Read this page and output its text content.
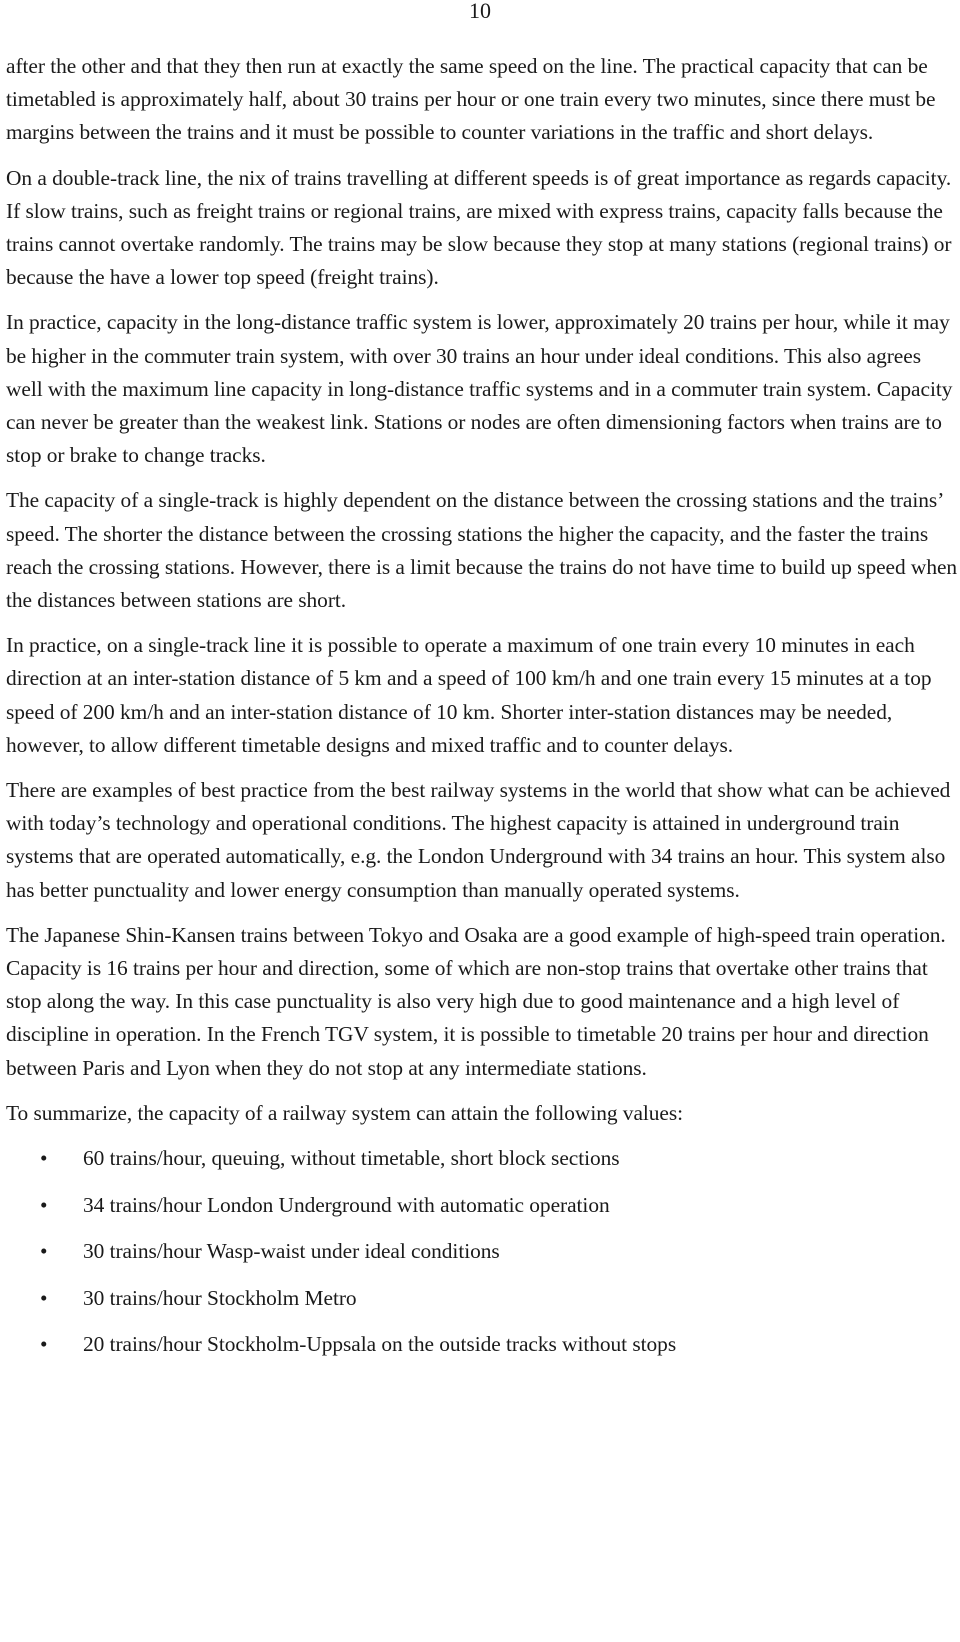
10

after the other and that they then run at exactly the same speed on the line. The practical capacity that can be timetabled is approximately half, about 30 trains per hour or one train every two minutes, since there must be margins between the trains and it must be possible to counter variations in the traffic and short delays.

On a double-track line, the nix of trains travelling at different speeds is of great importance as regards capacity. If slow trains, such as freight trains or regional trains, are mixed with express trains, capacity falls because the trains cannot overtake randomly. The trains may be slow because they stop at many stations (regional trains) or because the have a lower top speed (freight trains).

In practice, capacity in the long-distance traffic system is lower, approximately 20 trains per hour, while it may be higher in the commuter train system, with over 30 trains an hour under ideal conditions. This also agrees well with the maximum line capacity in long-distance traffic systems and in a commuter train system. Capacity can never be greater than the weakest link. Stations or nodes are often dimensioning factors when trains are to stop or brake to change tracks.

The capacity of a single-track is highly dependent on the distance between the crossing stations and the trains’ speed. The shorter the distance between the crossing stations the higher the capacity, and the faster the trains reach the crossing stations. However, there is a limit because the trains do not have time to build up speed when the distances between stations are short.

In practice, on a single-track line it is possible to operate a maximum of one train every 10 minutes in each direction at an inter-station distance of 5 km and a speed of 100 km/h and one train every 15 minutes at a top speed of 200 km/h and an inter-station distance of 10 km. Shorter inter-station distances may be needed, however, to allow different timetable designs and mixed traffic and to counter delays.

There are examples of best practice from the best railway systems in the world that show what can be achieved with today’s technology and operational conditions. The highest capacity is attained in underground train systems that are operated automatically, e.g. the London Underground with 34 trains an hour. This system also has better punctuality and lower energy consumption than manually operated systems.

The Japanese Shin-Kansen trains between Tokyo and Osaka are a good example of high-speed train operation. Capacity is 16 trains per hour and direction, some of which are non-stop trains that overtake other trains that stop along the way. In this case punctuality is also very high due to good maintenance and a high level of discipline in operation. In the French TGV system, it is possible to timetable 20 trains per hour and direction between Paris and Lyon when they do not stop at any intermediate stations.

To summarize, the capacity of a railway system can attain the following values:

• 60 trains/hour, queuing, without timetable, short block sections
• 34 trains/hour London Underground with automatic operation
• 30 trains/hour Wasp-waist under ideal conditions
• 30 trains/hour Stockholm Metro
• 20 trains/hour Stockholm-Uppsala on the outside tracks without stops
